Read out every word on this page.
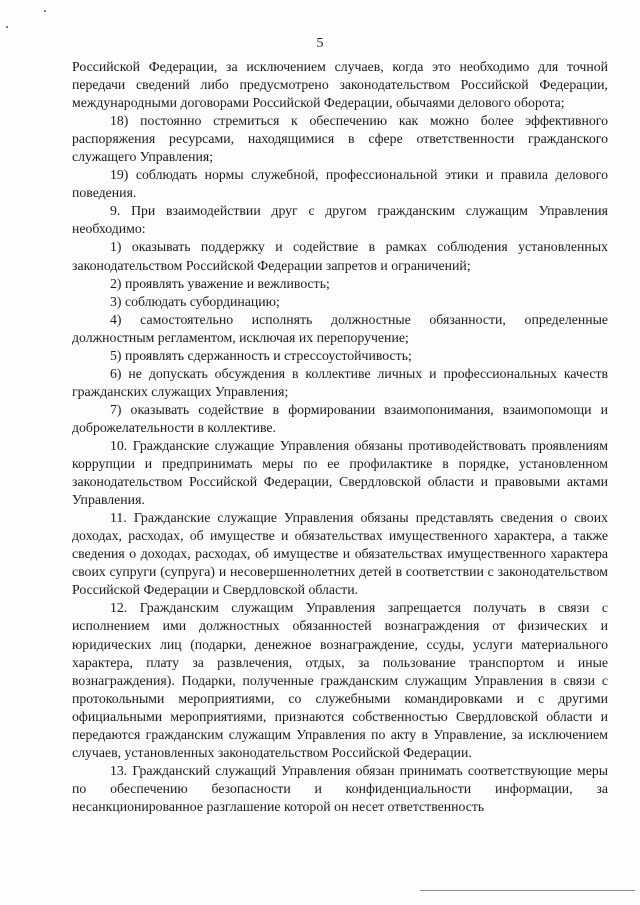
5

Российской Федерации, за исключением случаев, когда это необходимо для точной передачи сведений либо предусмотрено законодательством Российской Федерации, международными договорами Российской Федерации, обычаями делового оборота;

18) постоянно стремиться к обеспечению как можно более эффективного распоряжения ресурсами, находящимися в сфере ответственности гражданского служащего Управления;

19) соблюдать нормы служебной, профессиональной этики и правила делового поведения.

9. При взаимодействии друг с другом гражданским служащим Управления необходимо:

1) оказывать поддержку и содействие в рамках соблюдения установленных законодательством Российской Федерации запретов и ограничений;

2) проявлять уважение и вежливость;

3) соблюдать субординацию;

4) самостоятельно исполнять должностные обязанности, определенные должностным регламентом, исключая их перепоручение;

5) проявлять сдержанность и стрессоустойчивость;

6) не допускать обсуждения в коллективе личных и профессиональных качеств гражданских служащих Управления;

7) оказывать содействие в формировании взаимопонимания, взаимопомощи и доброжелательности в коллективе.

10. Гражданские служащие Управления обязаны противодействовать проявлениям коррупции и предпринимать меры по ее профилактике в порядке, установленном законодательством Российской Федерации, Свердловской области и правовыми актами Управления.

11. Гражданские служащие Управления обязаны представлять сведения о своих доходах, расходах, об имуществе и обязательствах имущественного характера, а также сведения о доходах, расходах, об имуществе и обязательствах имущественного характера своих супруги (супруга) и несовершеннолетних детей в соответствии с законодательством Российской Федерации и Свердловской области.

12. Гражданским служащим Управления запрещается получать в связи с исполнением ими должностных обязанностей вознаграждения от физических и юридических лиц (подарки, денежное вознаграждение, ссуды, услуги материального характера, плату за развлечения, отдых, за пользование транспортом и иные вознаграждения). Подарки, полученные гражданским служащим Управления в связи с протокольными мероприятиями, со служебными командировками и с другими официальными мероприятиями, признаются собственностью Свердловской области и передаются гражданским служащим Управления по акту в Управление, за исключением случаев, установленных законодательством Российской Федерации.

13. Гражданский служащий Управления обязан принимать соответствующие меры по обеспечению безопасности и конфиденциальности информации, за несанкционированное разглашение которой он несет ответственность
